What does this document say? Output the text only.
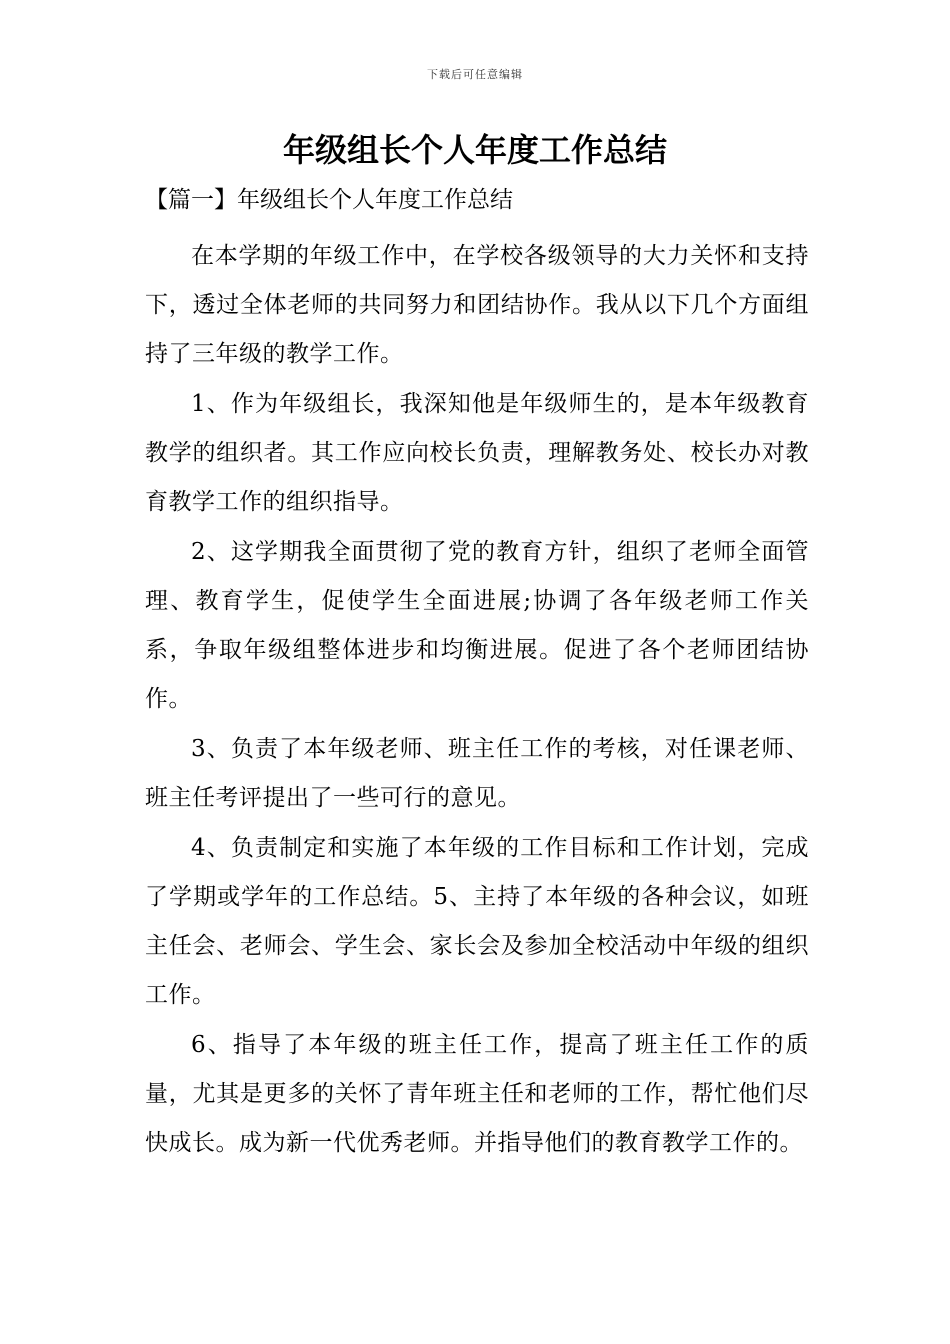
下载后可任意编辑
年级组长个人年度工作总结
【篇一】年级组长个人年度工作总结

在本学期的年级工作中，在学校各级领导的大力关怀和支持下，透过全体老师的共同努力和团结协作。我从以下几个方面组持了三年级的教学工作。

1、作为年级组长，我深知他是年级师生的，是本年级教育教学的组织者。其工作应向校长负责，理解教务处、校长办对教育教学工作的组织指导。

2、这学期我全面贯彻了党的教育方针，组织了老师全面管理、教育学生，促使学生全面进展;协调了各年级老师工作关系，争取年级组整体进步和均衡进展。促进了各个老师团结协作。

3、负责了本年级老师、班主任工作的考核，对任课老师、班主任考评提出了一些可行的意见。

4、负责制定和实施了本年级的工作目标和工作计划，完成了学期或学年的工作总结。5、主持了本年级的各种会议，如班主任会、老师会、学生会、家长会及参加全校活动中年级的组织工作。

6、指导了本年级的班主任工作，提高了班主任工作的质量，尤其是更多的关怀了青年班主任和老师的工作，帮忙他们尽快成长。成为新一代优秀老师。并指导他们的教育教学工作的。
